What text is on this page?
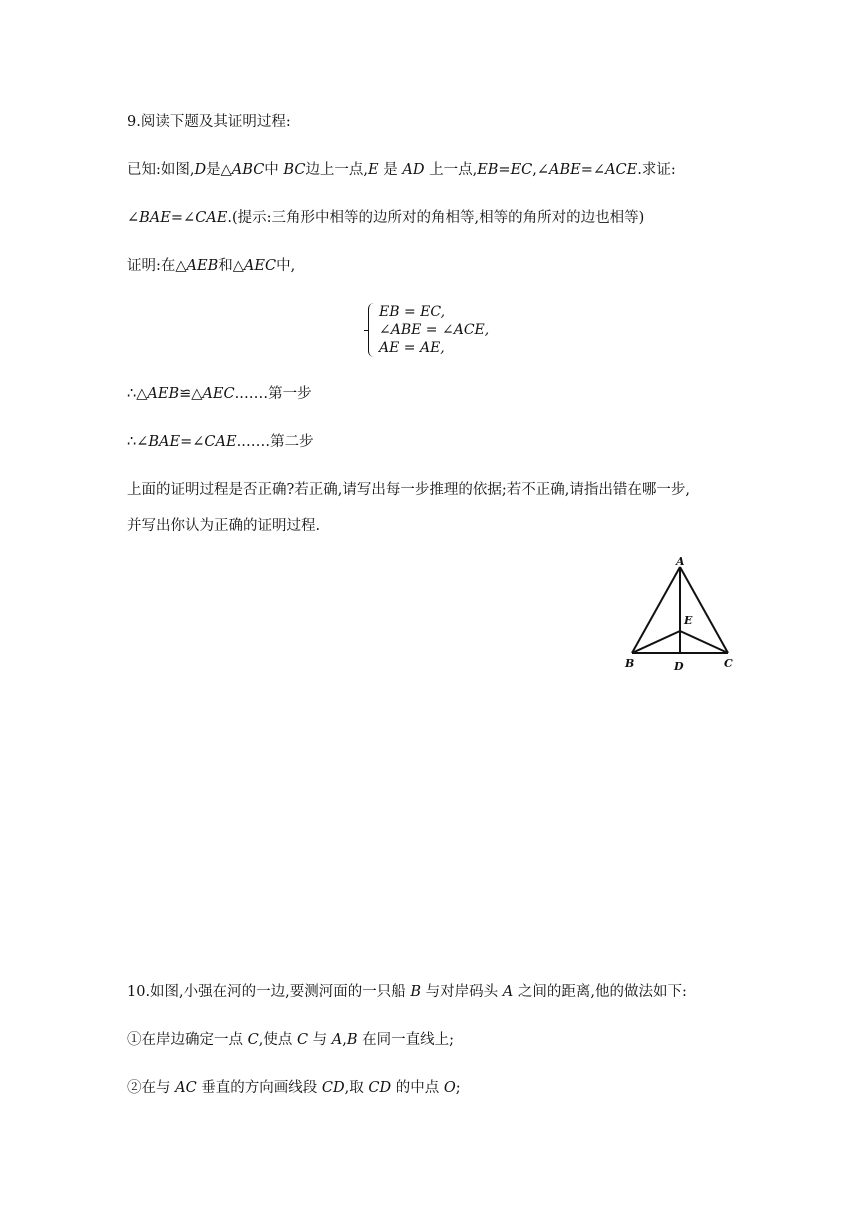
9.阅读下题及其证明过程:
已知:如图,D是△ABC中 BC边上一点,E 是 AD 上一点,EB=EC,∠ABE=∠ACE.求证:
∠BAE=∠CAE.(提示:三角形中相等的边所对的角相等,相等的角所对的边也相等)
证明:在△AEB和△AEC中,
EB = EC,
∠ABE = ∠ACE,
AE = AE,
∴△AEB≌△AEC.……第一步
∴∠BAE=∠CAE.……第二步
上面的证明过程是否正确?若正确,请写出每一步推理的依据;若不正确,请指出错在哪一步,
并写出你认为正确的证明过程.
A
E
B	D	C
10.如图,小强在河的一边,要测河面的一只船 B 与对岸码头 A 之间的距离,他的做法如下:
①在岸边确定一点 C,使点 C 与 A,B 在同一直线上;
②在与 AC 垂直的方向画线段 CD,取 CD 的中点 O;
